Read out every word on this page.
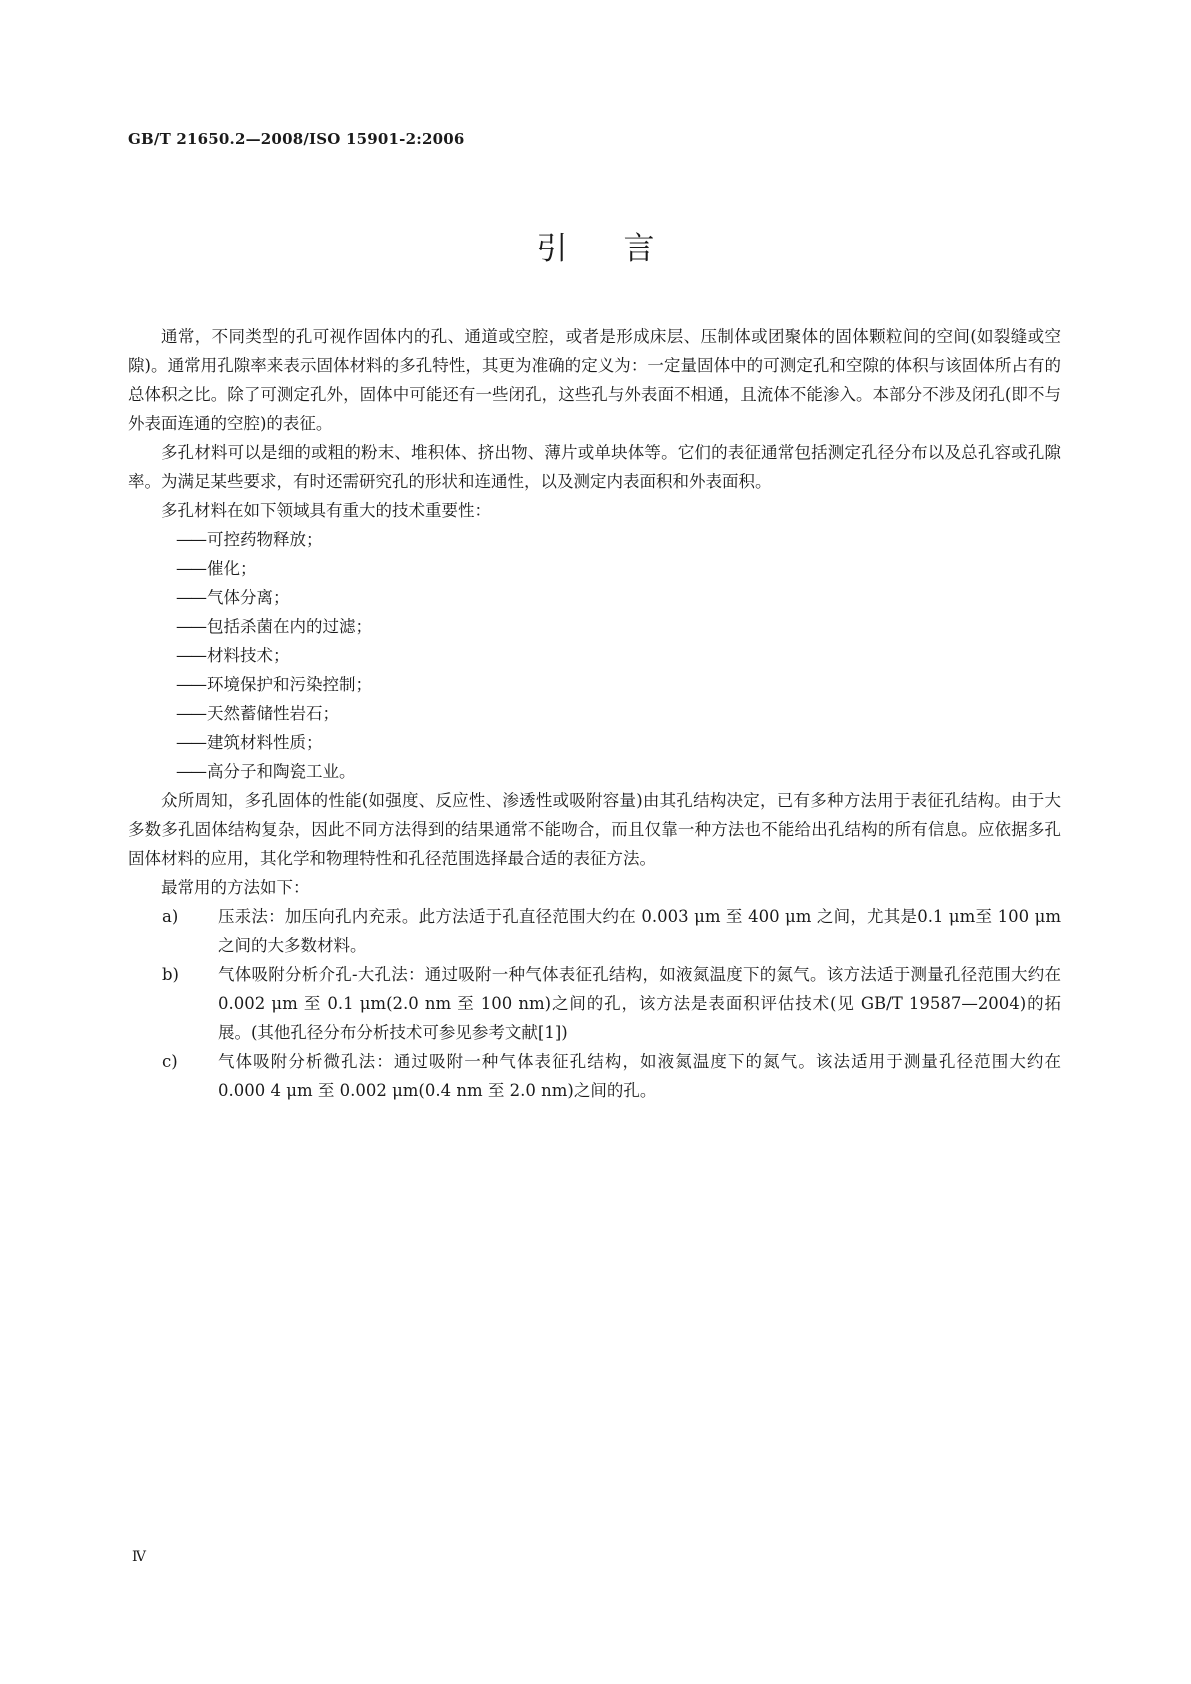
GB/T 21650.2—2008/ISO 15901-2:2006
引言

通常，不同类型的孔可视作固体内的孔、通道或空腔，或者是形成床层、压制体或团聚体的固体颗粒间的空间(如裂缝或空隙)。通常用孔隙率来表示固体材料的多孔特性，其更为准确的定义为：一定量固体中的可测定孔和空隙的体积与该固体所占有的总体积之比。除了可测定孔外，固体中可能还有一些闭孔，这些孔与外表面不相通，且流体不能渗入。本部分不涉及闭孔(即不与外表面连通的空腔)的表征。

多孔材料可以是细的或粗的粉末、堆积体、挤出物、薄片或单块体等。它们的表征通常包括测定孔径分布以及总孔容或孔隙率。为满足某些要求，有时还需研究孔的形状和连通性，以及测定内表面积和外表面积。

多孔材料在如下领域具有重大的技术重要性：

—— 可控药物释放；

—— 催化；

—— 气体分离；

—— 包括杀菌在内的过滤；

—— 材料技术；

—— 环境保护和污染控制；

—— 天然蓄储性岩石；

—— 建筑材料性质；

—— 高分子和陶瓷工业。

众所周知，多孔固体的性能(如强度、反应性、渗透性或吸附容量)由其孔结构决定，已有多种方法用于表征孔结构。由于大多数多孔固体结构复杂，因此不同方法得到的结果通常不能吻合，而且仅靠一种方法也不能给出孔结构的所有信息。应依据多孔固体材料的应用，其化学和物理特性和孔径范围选择最合适的表征方法。

最常用的方法如下：

a) 压汞法：加压向孔内充汞。此方法适于孔直径范围大约在 0.003 μm 至 400 μm 之间，尤其是0.1 μm至 100 μm 之间的大多数材料。

b) 气体吸附分析介孔-大孔法：通过吸附一种气体表征孔结构，如液氮温度下的氮气。该方法适于测量孔径范围大约在 0.002 μm 至 0.1 μm(2.0 nm 至 100 nm)之间的孔，该方法是表面积评估技术(见 GB/T 19587—2004)的拓展。(其他孔径分布分析技术可参见参考文献[1])

c) 气体吸附分析微孔法：通过吸附一种气体表征孔结构，如液氮温度下的氮气。该法适用于测量孔径范围大约在 0.000 4 μm 至 0.002 μm(0.4 nm 至 2.0 nm)之间的孔。

Ⅳ
